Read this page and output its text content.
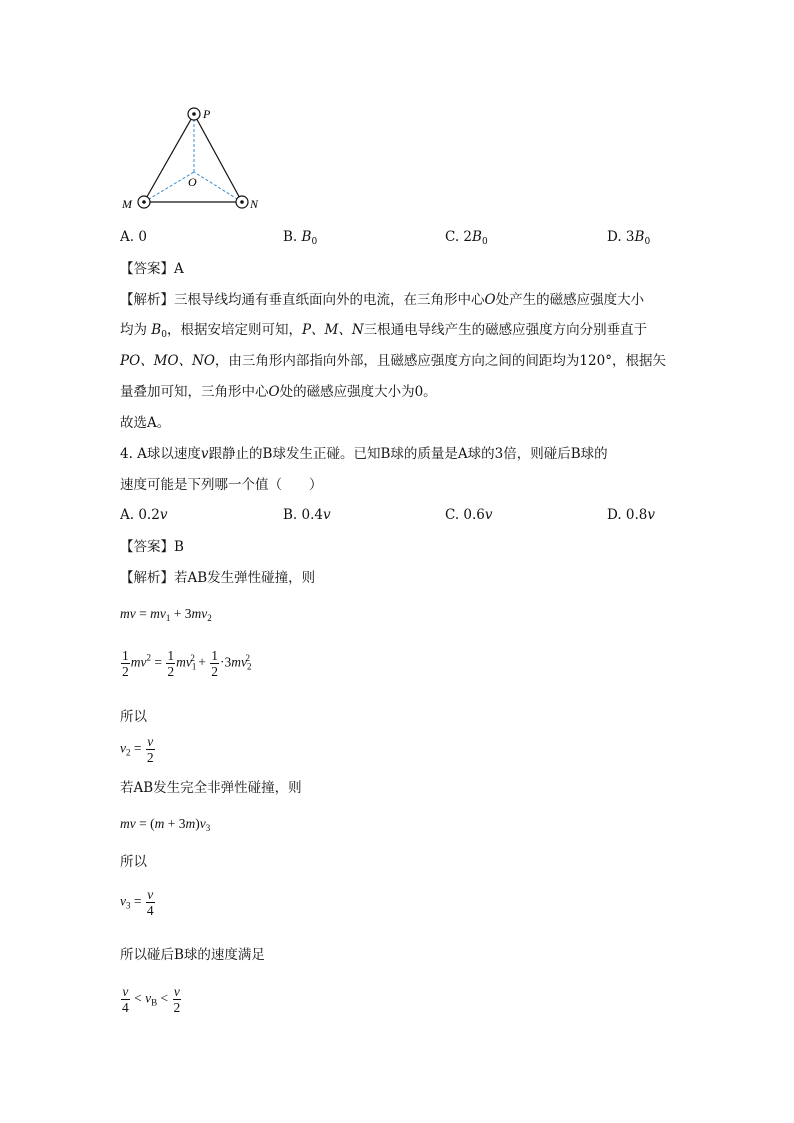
P
M	N
O
A. 0	B. $B_0$	C. $2B_0$	D. $3B_0$
【答案】A
【解析】三根导线均通有垂直纸面向外的电流，在三角形中心O处产生的磁感应强度大小
均为 $B_0$，根据安培定则可知，P、M、N三根通电导线产生的磁感应强度方向分别垂直于
PO、MO、NO，由三角形内部指向外部，且磁感应强度方向之间的间距均为120°，根据矢
量叠加可知，三角形中心O处的磁感应强度大小为0。
故选A。
4. A球以速度v跟静止的B球发生正碰。已知B球的质量是A球的3倍，则碰后B球的
速度可能是下列哪一个值（　　）
A. 0.2v	B. 0.4v	C. 0.6v	D. 0.8v
【答案】B
【解析】若AB发生弹性碰撞，则
mv = $mv_1 + 3mv_2$
$\frac{1}{2} mv^2 = \frac{1}{2} mv_1^2 + \frac{1}{2} \cdot 3mv_2^2$
所以
$v_2 = \frac{v}{2}$
若AB发生完全非弹性碰撞，则
mv = $(m + 3m)v_3$
所以
$v_3 = \frac{v}{4}$
所以碰后B球的速度满足
$\frac{v}{4} < v_B < \frac{v}{2}$
